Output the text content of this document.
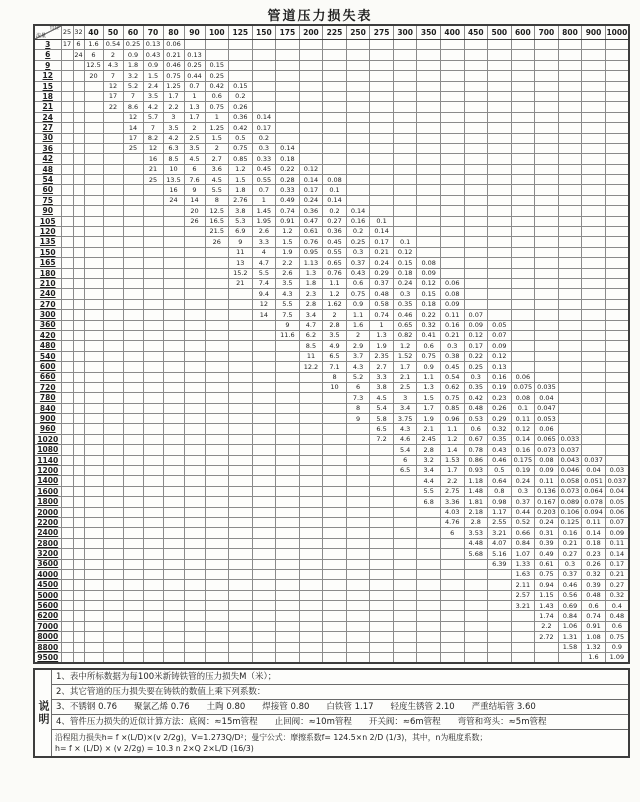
管道压力损失表
管径
流量	25	32	40	50	60	70	80	90	100	125	150	175	200	225	250	275	300	350	400	450	500	600	700	800	900	1000
3	17	6	1.6	0.54	0.25	0.13	0.06																			
6		24	6	2	0.9	0.43	0.21	0.13																		
9			12.5	4.3	1.8	0.9	0.46	0.25	0.15																	
12			20	7	3.2	1.5	0.75	0.44	0.25																	
15				12	5.2	2.4	1.25	0.7	0.42	0.15																
18				17	7	3.5	1.7	1	0.6	0.2																
21				22	8.6	4.2	2.2	1.3	0.75	0.26																
24					12	5.7	3	1.7	1	0.36	0.14															
27					14	7	3.5	2	1.25	0.42	0.17															
30					17	8.2	4.2	2.5	1.5	0.5	0.2															
36					25	12	6.3	3.5	2	0.75	0.3	0.14														
42						16	8.5	4.5	2.7	0.85	0.33	0.18														
48						21	10	6	3.6	1.2	0.45	0.22	0.12													
54						25	13.5	7.6	4.5	1.5	0.55	0.28	0.14	0.08												
60							16	9	5.5	1.8	0.7	0.33	0.17	0.1												
75							24	14	8	2.76	1	0.49	0.24	0.14												
90								20	12.5	3.8	1.45	0.74	0.36	0.2	0.14											
105								26	16.5	5.3	1.95	0.91	0.47	0.27	0.16	0.1										
120									21.5	6.9	2.6	1.2	0.61	0.36	0.2	0.14										
135									26	9	3.3	1.5	0.76	0.45	0.25	0.17	0.1									
150										11	4	1.9	0.95	0.55	0.3	0.21	0.12									
165										13	4.7	2.2	1.13	0.65	0.37	0.24	0.15	0.08								
180										15.2	5.5	2.6	1.3	0.76	0.43	0.29	0.18	0.09								
210										21	7.4	3.5	1.8	1.1	0.6	0.37	0.24	0.12	0.06							
240											9.4	4.3	2.3	1.2	0.75	0.48	0.3	0.15	0.08							
270											12	5.5	2.8	1.62	0.9	0.58	0.35	0.18	0.09							
300											14	7.5	3.4	2	1.1	0.74	0.46	0.22	0.11	0.07						
360												9	4.7	2.8	1.6	1	0.65	0.32	0.16	0.09	0.05					
420												11.6	6.2	3.5	2	1.3	0.82	0.41	0.21	0.12	0.07					
480													8.5	4.9	2.9	1.9	1.2	0.6	0.3	0.17	0.09					
540													11	6.5	3.7	2.35	1.52	0.75	0.38	0.22	0.12					
600													12.2	7.1	4.3	2.7	1.7	0.9	0.45	0.25	0.13					
660														8	5.2	3.3	2.1	1.1	0.54	0.3	0.16	0.06				
720														10	6	3.8	2.5	1.3	0.62	0.35	0.19	0.075	0.035			
780															7.3	4.5	3	1.5	0.75	0.42	0.23	0.08	0.04			
840															8	5.4	3.4	1.7	0.85	0.48	0.26	0.1	0.047			
900															9	5.8	3.75	1.9	0.96	0.53	0.29	0.11	0.053			
960																6.5	4.3	2.1	1.1	0.6	0.32	0.12	0.06			
1020																7.2	4.6	2.45	1.2	0.67	0.35	0.14	0.065	0.033		
1080																	5.4	2.8	1.4	0.78	0.43	0.16	0.073	0.037		
1140																	6	3.2	1.53	0.86	0.46	0.175	0.08	0.043	0.037	
1200																	6.5	3.4	1.7	0.93	0.5	0.19	0.09	0.046	0.04	0.03
1400																		4.4	2.2	1.18	0.64	0.24	0.11	0.058	0.051	0.037
1600																		5.5	2.75	1.48	0.8	0.3	0.136	0.073	0.064	0.04
1800																		6.8	3.36	1.81	0.98	0.37	0.167	0.089	0.078	0.05
2000																			4.03	2.18	1.17	0.44	0.203	0.106	0.094	0.06
2200																			4.76	2.8	2.55	0.52	0.24	0.125	0.11	0.07
2400																			6	3.53	3.21	0.66	0.31	0.16	0.14	0.09
2800																				4.48	4.07	0.84	0.39	0.21	0.18	0.11
3200																				5.68	5.16	1.07	0.49	0.27	0.23	0.14
3600																					6.39	1.33	0.61	0.3	0.26	0.17
4000																						1.63	0.75	0.37	0.32	0.21
4500																						2.11	0.94	0.46	0.39	0.27
5000																						2.57	1.15	0.56	0.48	0.32
5600																						3.21	1.43	0.69	0.6	0.4
6200																							1.74	0.84	0.74	0.48
7000																							2.2	1.06	0.91	0.6
8000																							2.72	1.31	1.08	0.75
8800																								1.58	1.32	0.9
9500																									1.6	1.09
说明
1、表中所标数据为每100米新铸铁管的压力损失M（米）；
2、其它管道的压力损失要在铸铁的数值上乘下列系数：
3、不锈钢 0.76　　聚氯乙烯 0.76　　土陶 0.80　　焊接管 0.80　　白铁管 1.17　　轻度生锈管 2.10　　严重结垢管 3.60
4、管件压力损失的近似计算方法：底阀：≈15m管程　　止回阀：≈10m管程　　开关阀：≈6m管程　　弯管和弯头：≈5m管程
沿程阻力损失h= f ×(L/D)×(v 2/2g)，V=1.273Q/D²；曼宁公式：摩擦系数f= 124.5×n 2/D (1/3)，其中，n为粗度系数；
h= f × (L/D) × (v 2/2g) = 10.3 n 2×Q 2×L/D (16/3)
